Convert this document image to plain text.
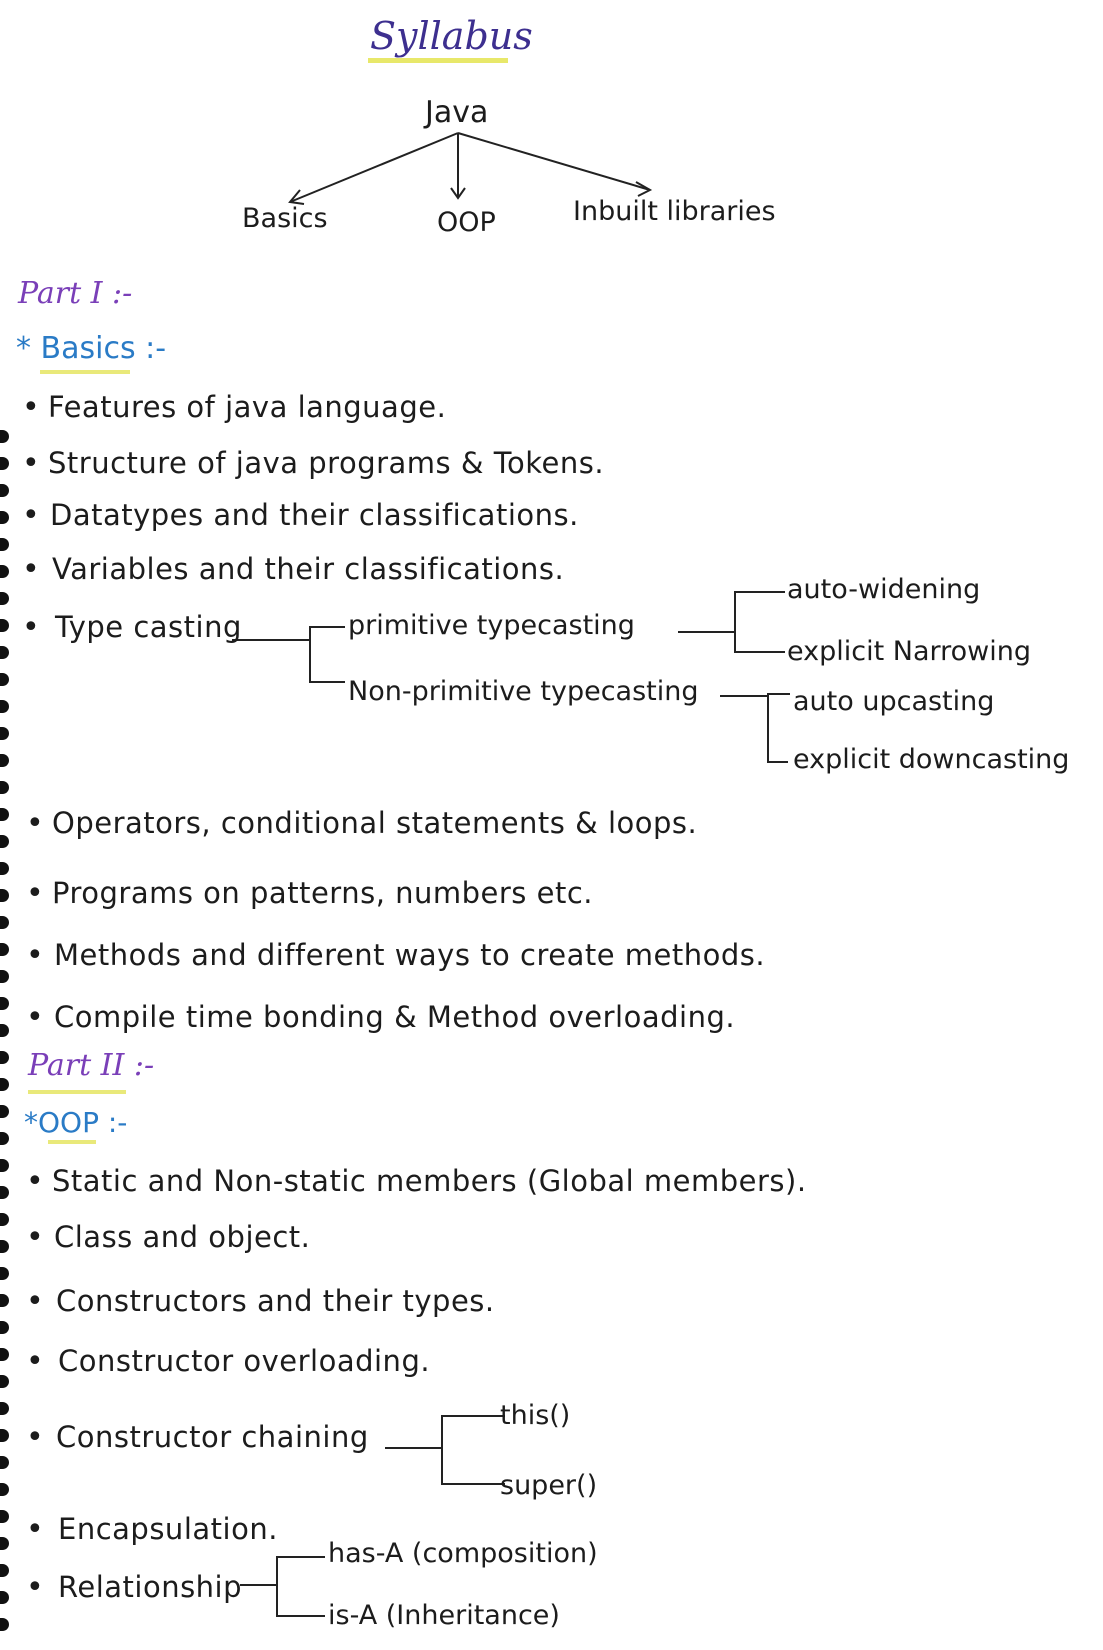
Syllabus
Java
Basics	OOP	Inbuilt libraries
Part I :-
* Basics :-
• Features of java language.
• Structure of java programs & Tokens.
• Datatypes and their classifications.
• Variables and their classifications.
• Type casting	primitive typecasting
Non-primitive typecasting
auto-widening
explicit Narrowing
auto upcasting
explicit downcasting
• Operators, conditional statements & loops.
• Programs on patterns, numbers etc.
• Methods and different ways to create methods.
• Compile time bonding & Method overloading.
Part II :-
*OOP :-
• Static and Non-static members (Global members).
• Class and object.
• Constructors and their types.
• Constructor overloading.
• Constructor chaining
this()
super()
• Encapsulation.
• Relationship
has-A (composition)
is-A (Inheritance)
